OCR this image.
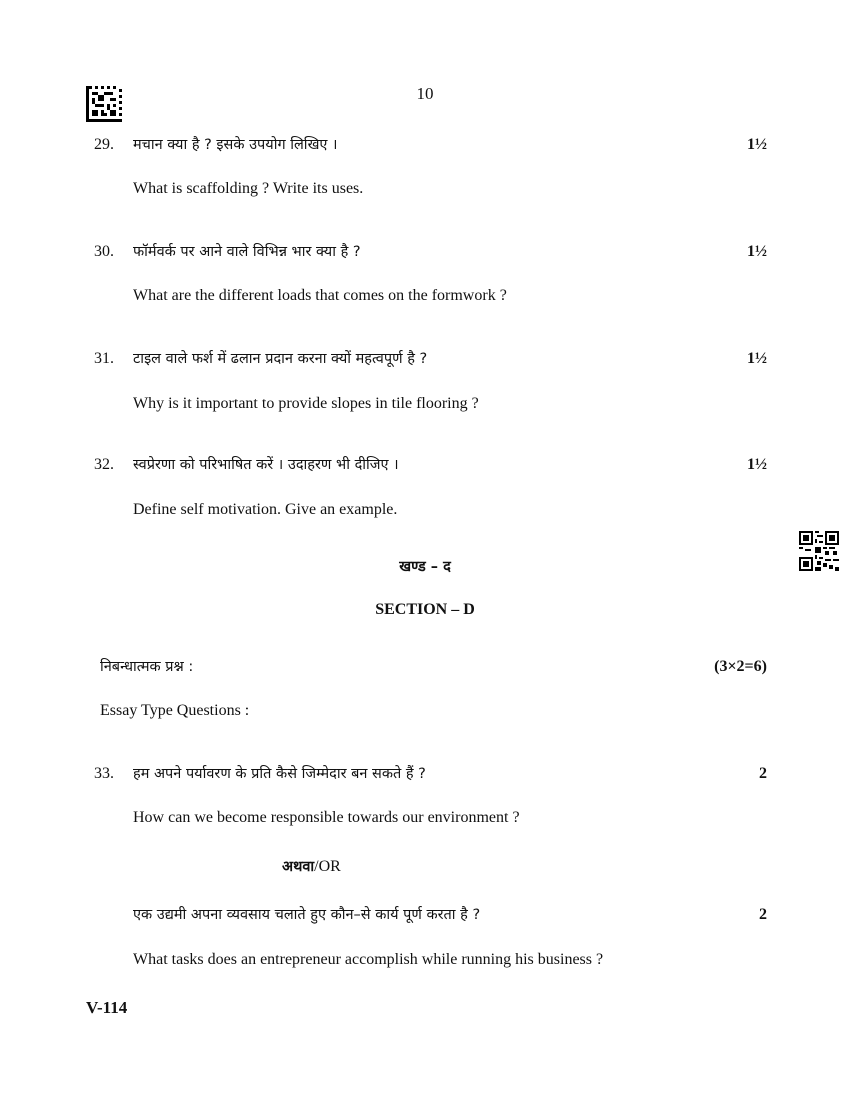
10
29. मचान क्या है ? इसके उपयोग लिखिए ।	1½
What is scaffolding ? Write its uses.
30. फॉर्मवर्क पर आने वाले विभिन्न भार क्या है ?	1½
What are the different loads that comes on the formwork ?
31. टाइल वाले फर्श में ढलान प्रदान करना क्यों महत्वपूर्ण है ?	1½
Why is it important to provide slopes in tile flooring ?
32. स्वप्रेरणा को परिभाषित करें । उदाहरण भी दीजिए ।	1½
Define self motivation. Give an example.
खण्ड – द
SECTION – D
निबन्धात्मक प्रश्न :	(3×2=6)
Essay Type Questions :
33. हम अपने पर्यावरण के प्रति कैसे जिम्मेदार बन सकते हैं ?	2
How can we become responsible towards our environment ?
अथवा/OR
एक उद्यमी अपना व्यवसाय चलाते हुए कौन–से कार्य पूर्ण करता है ?	2
What tasks does an entrepreneur accomplish while running his business ?
V-114
